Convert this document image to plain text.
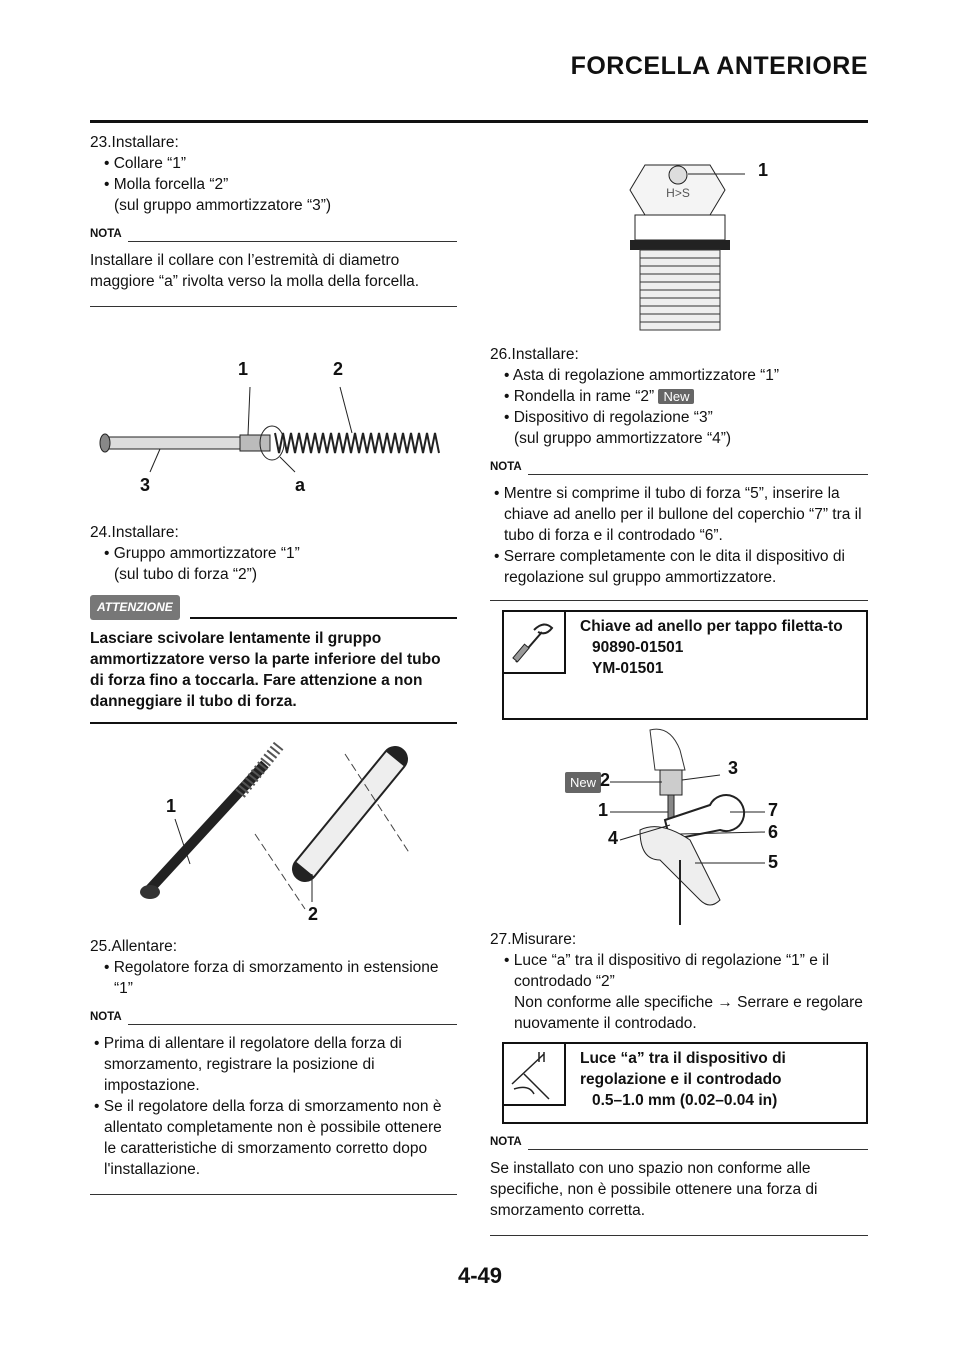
FORCELLA ANTERIORE
23.Installare:
• Collare “1”
• Molla forcella “2”
(sul gruppo ammortizzatore “3”)
NOTA
Installare il collare con l’estremità di diametro maggiore “a” rivolta verso la molla della forcella.
1	2
3	a
24.Installare:
• Gruppo ammortizzatore “1”
(sul tubo di forza “2”)
ATTENZIONE
Lasciare scivolare lentamente il gruppo ammortizzatore verso la parte inferiore del tubo di forza fino a toccarla. Fare attenzione a non danneggiare il tubo di forza.
1
2
25.Allentare:
• Regolatore forza di smorzamento in estensione “1”
NOTA
• Prima di allentare il regolatore della forza di smorzamento, registrare la posizione di impostazione.
• Se il regolatore della forza di smorzamento non è allentato completamente non è possibile ottenere le caratteristiche di smorzamento corretto dopo l'installazione.
H>S
1
26.Installare:
• Asta di regolazione ammortizzatore “1”
• Rondella in rame “2” New
• Dispositivo di regolazione “3”
(sul gruppo ammortizzatore “4”)
NOTA
• Mentre si comprime il tubo di forza “5”, inserire la chiave ad anello per il bullone del coperchio “7” tra il tubo di forza e il controdado “6”.
• Serrare completamente con le dita il dispositivo di regolazione sul gruppo ammortizzatore.
Chiave ad anello per tappo filetta-to
90890-01501
YM-01501
New 2
3
1	7
4	6
5
27.Misurare:
• Luce “a” tra il dispositivo di regolazione “1” e il controdado “2”
Non conforme alle specifiche → Serrare e regolare nuovamente il controdado.
Luce “a” tra il dispositivo di regolazione e il controdado
0.5–1.0 mm (0.02–0.04 in)
NOTA
Se installato con uno spazio non conforme alle specifiche, non è possibile ottenere una forza di smorzamento corretta.
4-49
